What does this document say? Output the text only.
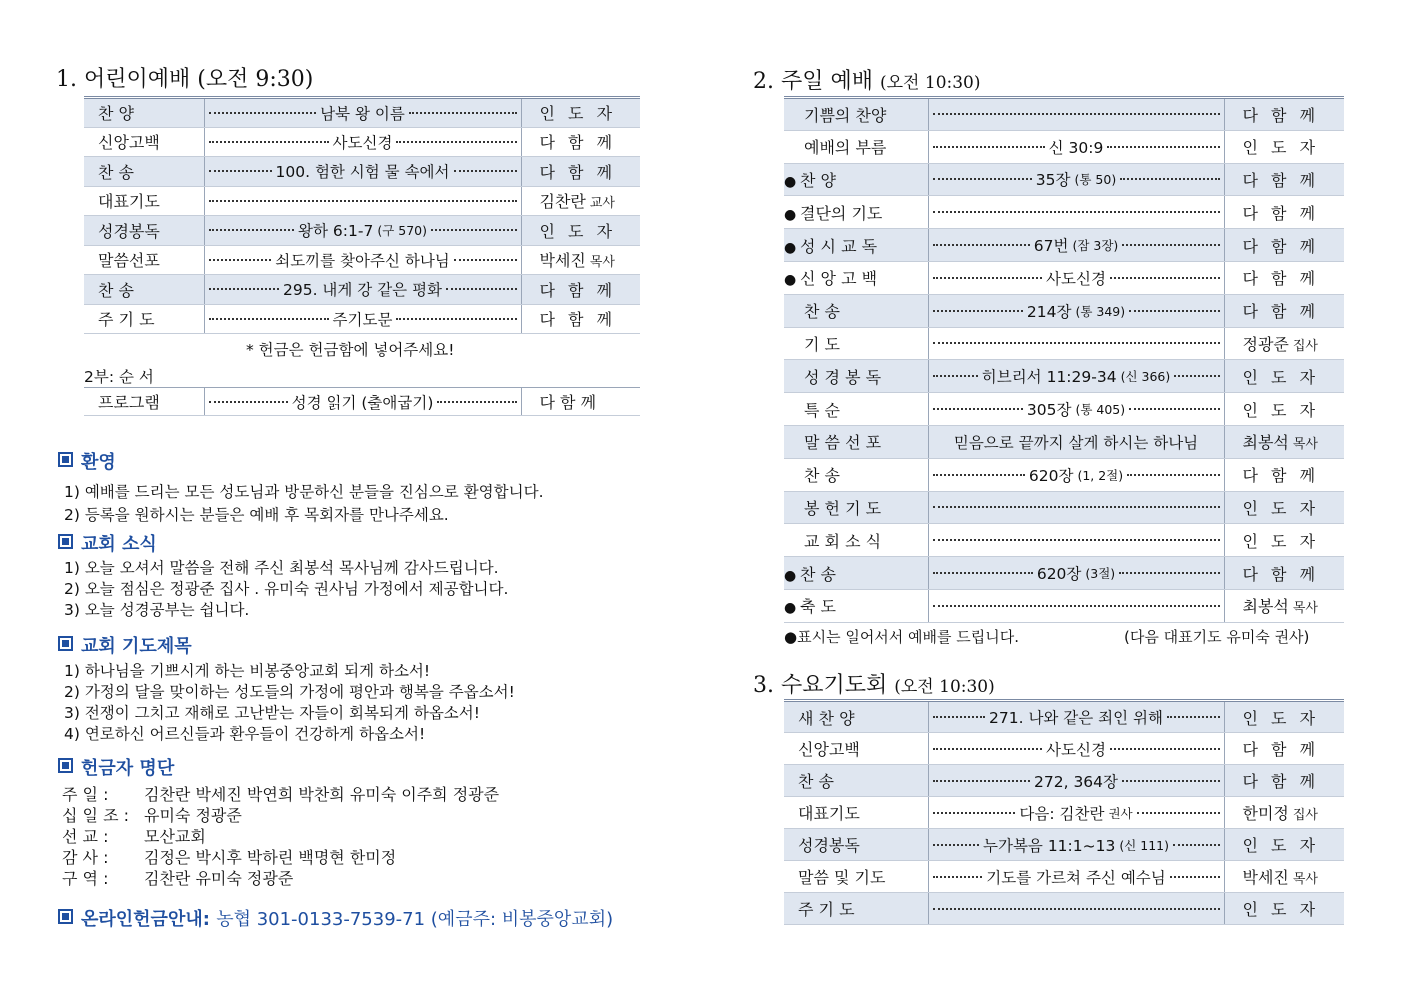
1. 어린이예배 (오전 9:30)
찬 양	남북 왕 이름	인 도 자
신앙고백	사도신경	다 함 께
찬 송	100. 험한 시험 물 속에서	다 함 께
대표기도		김찬란 교사
성경봉독	왕하 6:1-7 (구 570)	인 도 자
말씀선포	쇠도끼를 찾아주신 하나님	박세진 목사
찬 송	295. 내게 강 같은 평화	다 함 께
주 기 도	주기도문	다 함 께
* 헌금은 헌금함에 넣어주세요!
2부: 순 서
프로그램	성경 읽기 (출애굽기)	다 함 께
환영
1) 예배를 드리는 모든 성도님과 방문하신 분들을 진심으로 환영합니다.
2) 등록을 원하시는 분들은 예배 후 목회자를 만나주세요.
교회 소식
1) 오늘 오셔서 말씀을 전해 주신 최봉석 목사님께 감사드립니다.
2) 오늘 점심은 정광준 집사 . 유미숙 권사님 가정에서 제공합니다.
3) 오늘 성경공부는 쉽니다.
교회 기도제목
1) 하나님을 기쁘시게 하는 비봉중앙교회 되게 하소서!
2) 가정의 달을 맞이하는 성도들의 가정에 평안과 행복을 주옵소서!
3) 전쟁이 그치고 재해로 고난받는 자들이 회복되게 하옵소서!
4) 연로하신 어르신들과 환우들이 건강하게 하옵소서!
헌금자 명단
주 일 : 김찬란 박세진 박연희 박찬희 유미숙 이주희 정광준
십 일 조 : 유미숙 정광준
선 교 : 모산교회
감 사 : 김정은 박시후 박하린 백명현 한미정
구 역 : 김찬란 유미숙 정광준
온라인헌금안내: 농협 301-0133-7539-71 (예금주: 비봉중앙교회)
2. 주일 예배 (오전 10:30)
기쁨의 찬양		다 함 께
예배의 부름	신 30:9	인 도 자
● 찬 양	35장 (통 50)	다 함 께
● 결단의 기도		다 함 께
● 성 시 교 독	67번 (잠 3장)	다 함 께
● 신 앙 고 백	사도신경	다 함 께
찬 송	214장 (통 349)	다 함 께
기 도		정광준 집사
성 경 봉 독	히브리서 11:29-34 (신 366)	인 도 자
특 순	305장 (통 405)	인 도 자
말 씀 선 포	믿음으로 끝까지 살게 하시는 하나님	최봉석 목사
찬 송	620장 (1, 2절)	다 함 께
봉 헌 기 도		인 도 자
교 회 소 식		인 도 자
● 찬 송	620장 (3절)	다 함 께
● 축 도		최봉석 목사
●표시는 일어서서 예배를 드립니다.	(다음 대표기도 유미숙 권사)
3. 수요기도회 (오전 10:30)
새 찬 양	271. 나와 같은 죄인 위해	인 도 자
신앙고백	사도신경	다 함 께
찬 송	272, 364장	다 함 께
대표기도	다음: 김찬란 권사	한미정 집사
성경봉독	누가복음 11:1~13 (신 111)	인 도 자
말씀 및 기도	기도를 가르쳐 주신 예수님	박세진 목사
주 기 도		인 도 자
